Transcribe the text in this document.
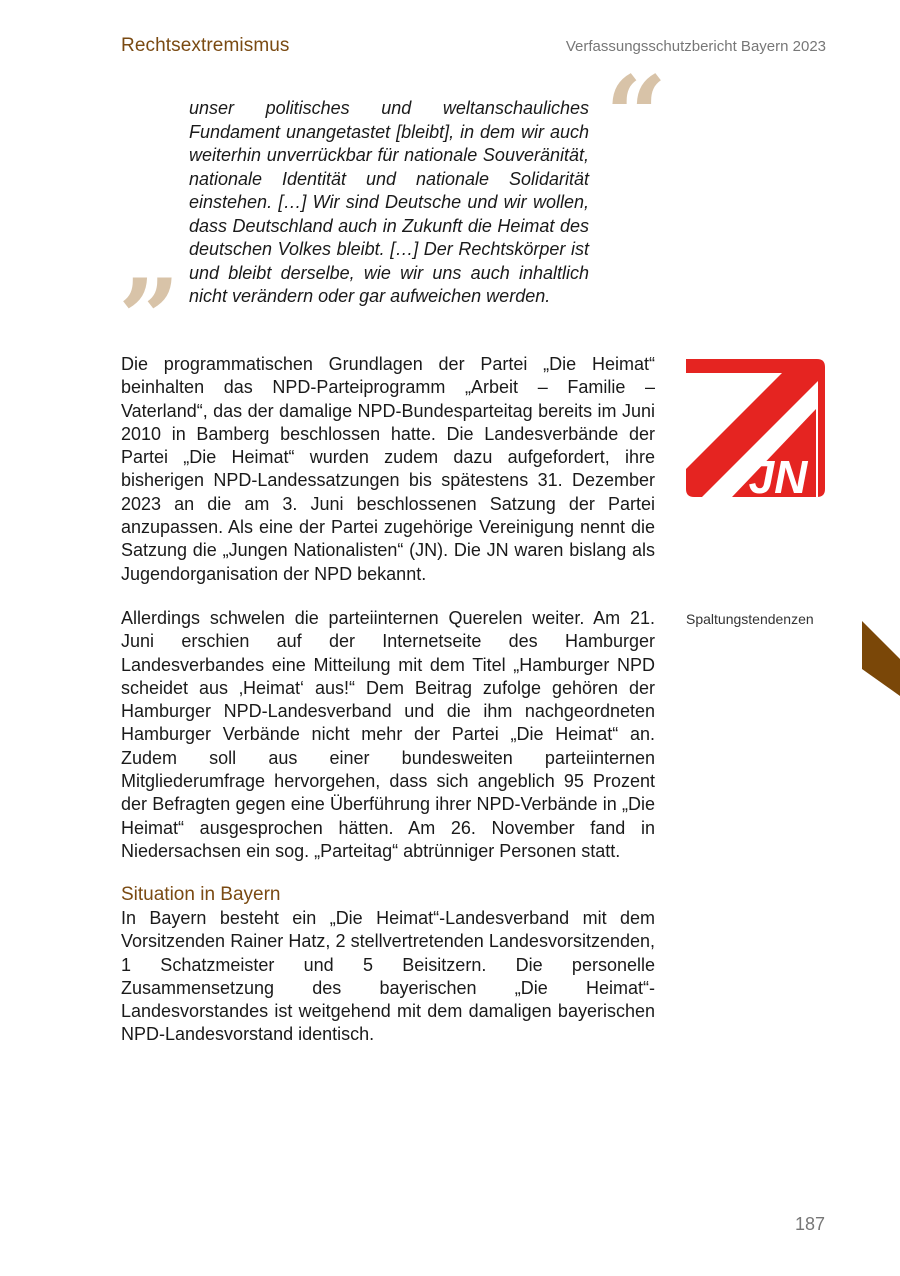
Rechtsextremismus	Verfassungsschutzbericht Bayern 2023
“

unser politisches und weltanschauliches Fundament unangetastet [bleibt], in dem wir auch weiterhin unverrückbar für nationale Souveränität, nationale Identität und nationale Solidarität einstehen. […] Wir sind Deutsche und wir wollen, dass Deutschland auch in Zukunft die Heimat des deutschen Volkes bleibt. […] Der Rechtskörper ist und bleibt derselbe, wie wir uns auch inhaltlich nicht verändern oder gar aufweichen werden.

”

Die programmatischen Grundlagen der Partei „Die Heimat“ beinhalten das NPD-Parteiprogramm „Arbeit – Familie – Vaterland“, das der damalige NPD-Bundesparteitag bereits im Juni 2010 in Bamberg beschlossen hatte. Die Landesverbände der Partei „Die Heimat“ wurden zudem dazu aufgefordert, ihre bisherigen NPD-Landessatzungen bis spätestens 31. Dezember 2023 an die am 3. Juni beschlossenen Satzung der Partei anzupassen. Als eine der Partei zugehörige Vereinigung nennt die Satzung die „Jungen Nationalisten“ (JN). Die JN waren bislang als Jugendorganisation der NPD bekannt.

JN

Allerdings schwelen die parteiinternen Querelen weiter. Am 21. Juni erschien auf der Internetseite des Hamburger Landesverbandes eine Mitteilung mit dem Titel „Hamburger NPD scheidet aus ‚Heimat‘ aus!“ Dem Beitrag zufolge gehören der Hamburger NPD-Landesverband und die ihm nachgeordneten Hamburger Verbände nicht mehr der Partei „Die Heimat“ an. Zudem soll aus einer bundesweiten parteiinternen Mitgliederumfrage hervorgehen, dass sich angeblich 95 Prozent der Befragten gegen eine Überführung ihrer NPD-Verbände in „Die Heimat“ ausgesprochen hätten. Am 26. November fand in Niedersachsen ein sog. „Parteitag“ abtrünniger Personen statt.

Spaltungstendenzen
Situation in Bayern

In Bayern besteht ein „Die Heimat“-Landesverband mit dem Vorsitzenden Rainer Hatz, 2 stellvertretenden Landesvorsitzenden, 1 Schatzmeister und 5 Beisitzern. Die personelle Zusammensetzung des bayerischen „Die Heimat“-Landesvorstandes ist weitgehend mit dem damaligen bayerischen NPD-Landesvorstand identisch.

187
